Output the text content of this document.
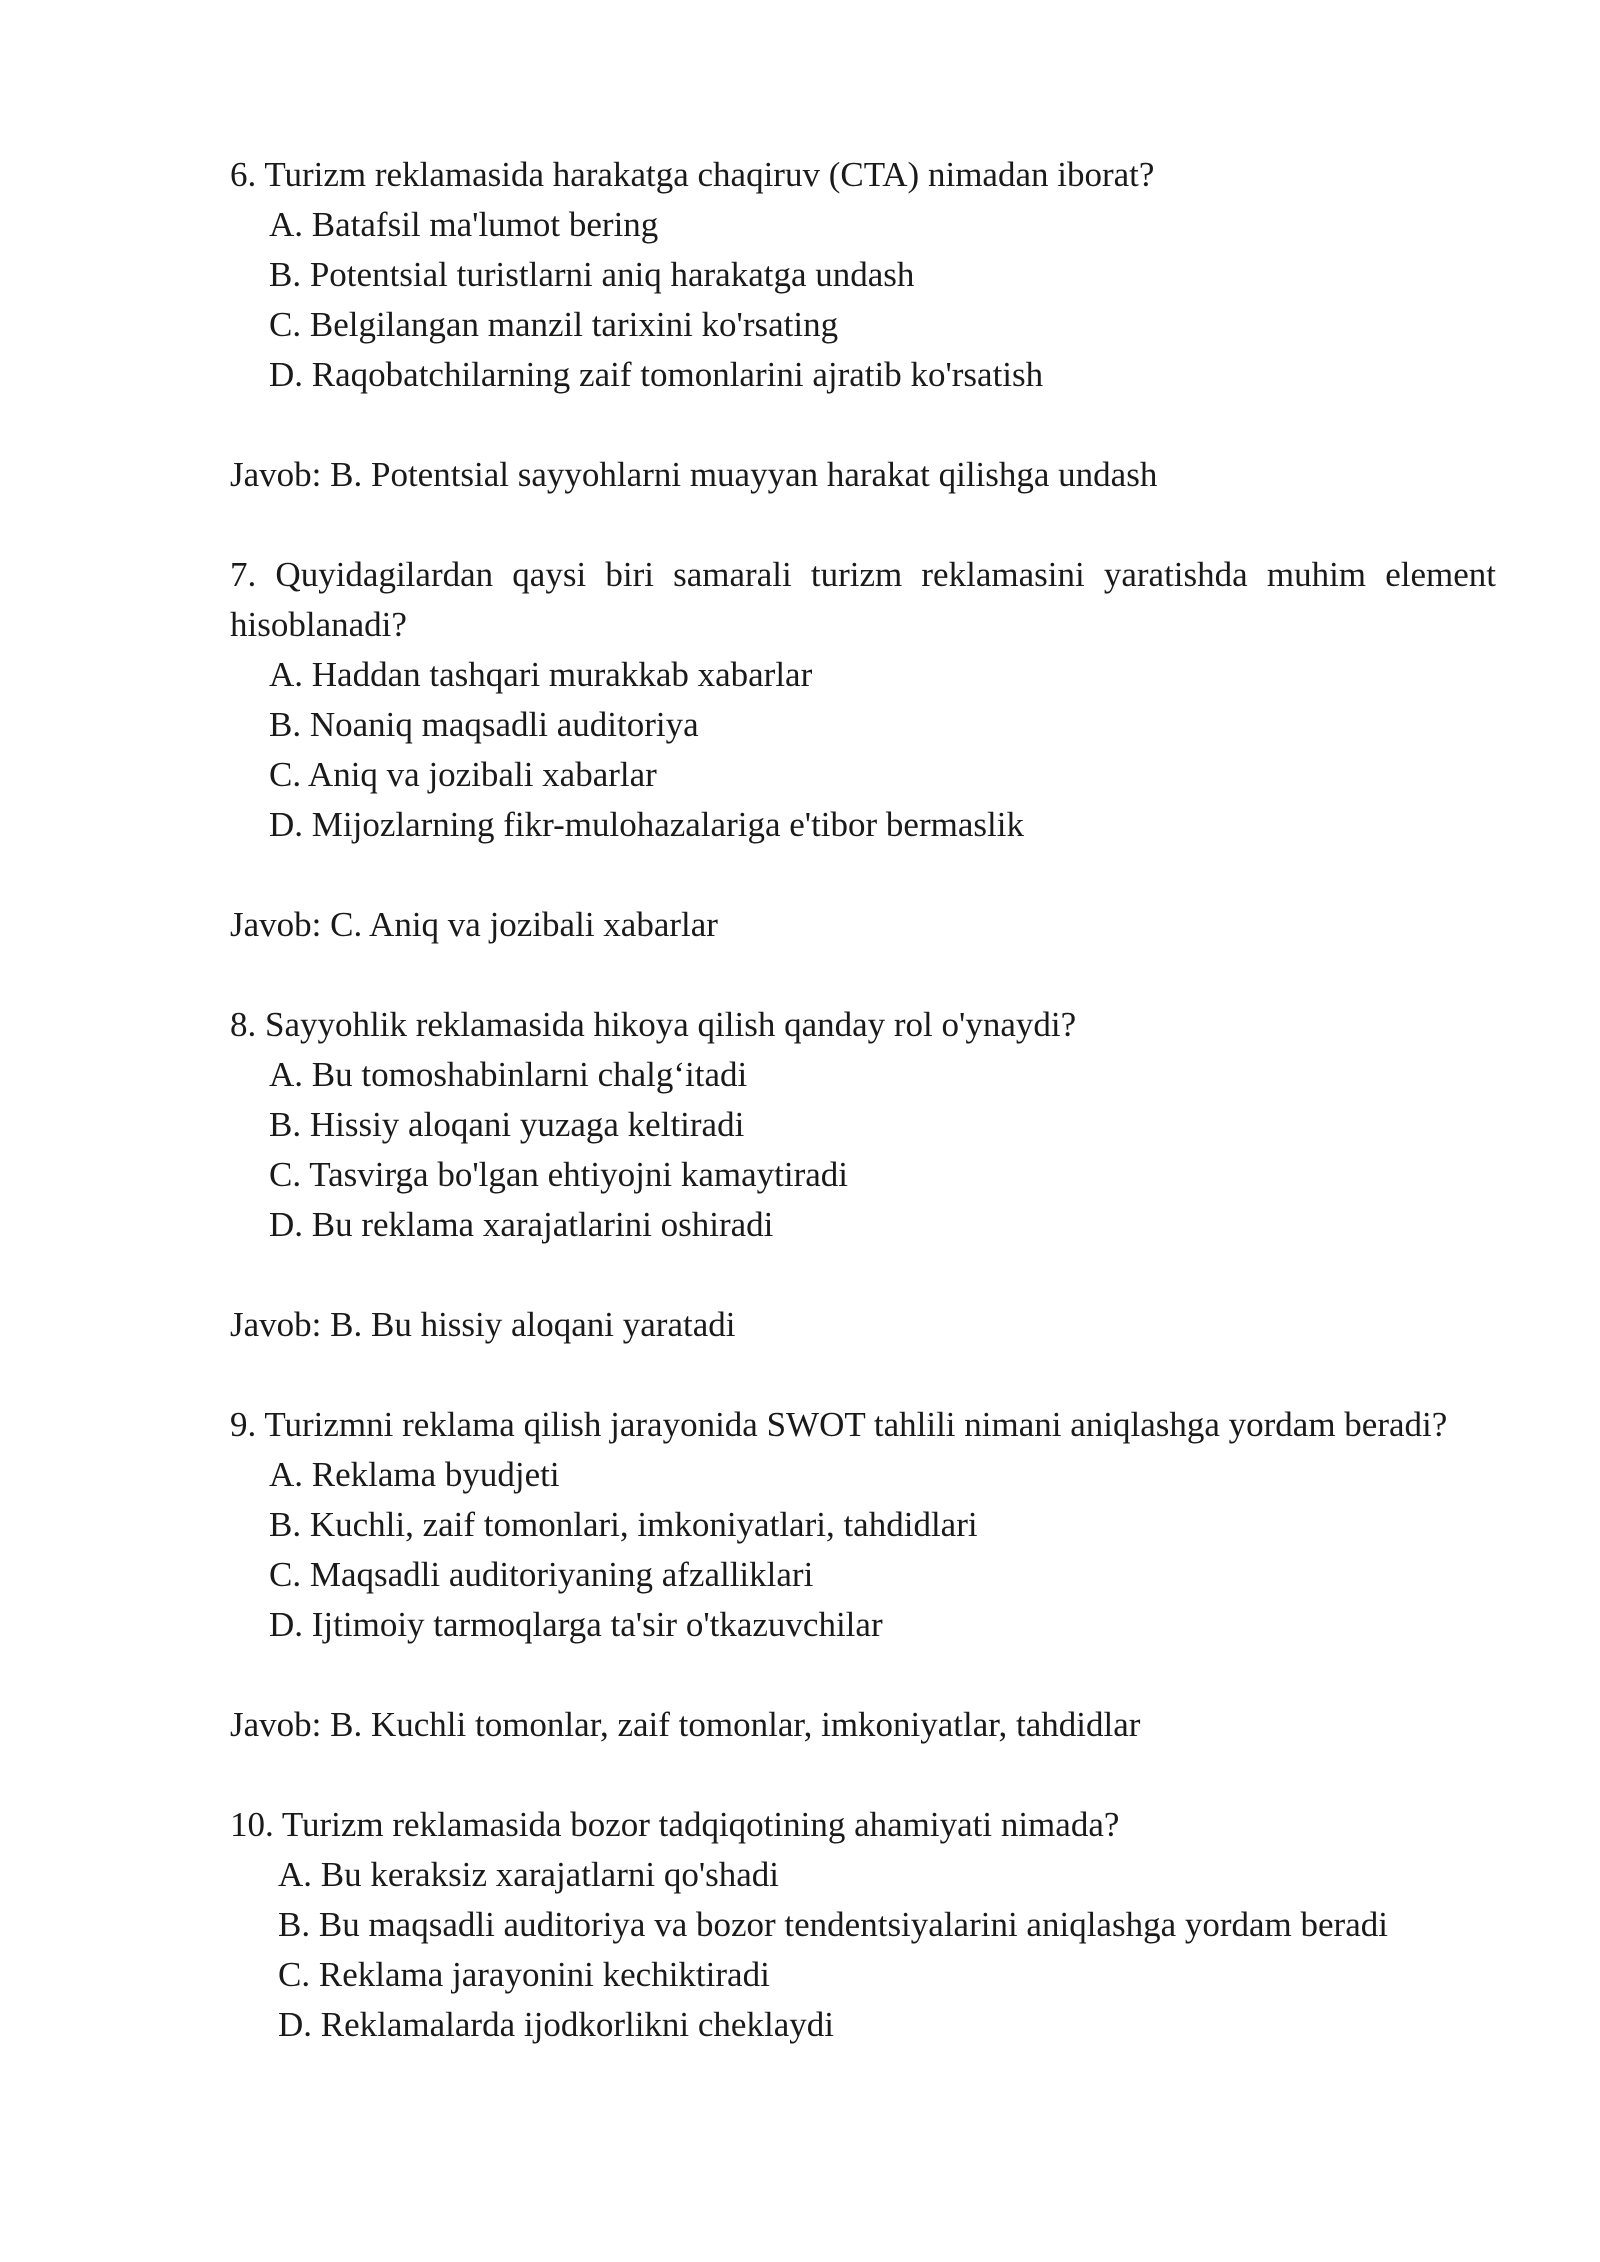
6. Turizm reklamasida harakatga chaqiruv (CTA) nimadan iborat?

A. Batafsil ma'lumot bering
B. Potentsial turistlarni aniq harakatga undash
C. Belgilangan manzil tarixini ko'rsating
D. Raqobatchilarning zaif tomonlarini ajratib ko'rsatish

Javob: B. Potentsial sayyohlarni muayyan harakat qilishga undash

7. Quyidagilardan qaysi biri samarali turizm reklamasini yaratishda muhim element hisoblanadi?

A. Haddan tashqari murakkab xabarlar
B. Noaniq maqsadli auditoriya
C. Aniq va jozibali xabarlar
D. Mijozlarning fikr-mulohazalariga e'tibor bermaslik

Javob: C. Aniq va jozibali xabarlar

8. Sayyohlik reklamasida hikoya qilish qanday rol o'ynaydi?

A. Bu tomoshabinlarni chalg‘itadi
B. Hissiy aloqani yuzaga keltiradi
C. Tasvirga bo'lgan ehtiyojni kamaytiradi
D. Bu reklama xarajatlarini oshiradi

Javob: B. Bu hissiy aloqani yaratadi

9. Turizmni reklama qilish jarayonida SWOT tahlili nimani aniqlashga yordam beradi?

A. Reklama byudjeti
B. Kuchli, zaif tomonlari, imkoniyatlari, tahdidlari
C. Maqsadli auditoriyaning afzalliklari
D. Ijtimoiy tarmoqlarga ta'sir o'tkazuvchilar

Javob: B. Kuchli tomonlar, zaif tomonlar, imkoniyatlar, tahdidlar

10. Turizm reklamasida bozor tadqiqotining ahamiyati nimada?

A. Bu keraksiz xarajatlarni qo'shadi
B. Bu maqsadli auditoriya va bozor tendentsiyalarini aniqlashga yordam beradi
C. Reklama jarayonini kechiktiradi
D. Reklamalarda ijodkorlikni cheklaydi
